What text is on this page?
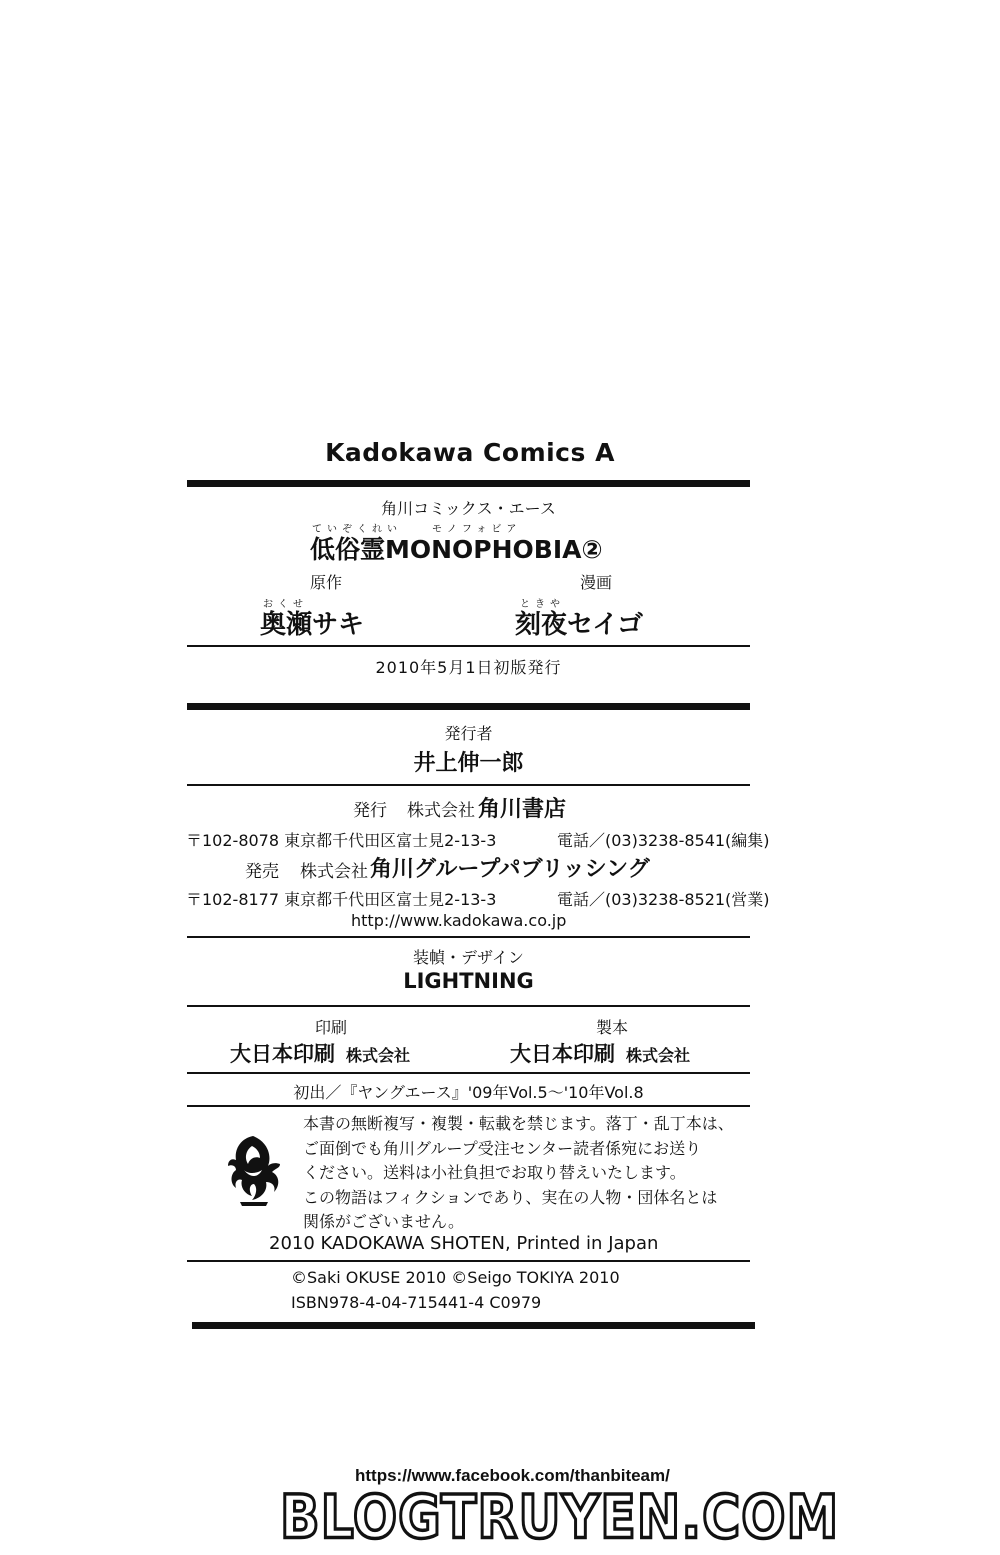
Kadokawa Comics A
角川コミックス・エース
ていぞくれい	モノフォビア
低俗霊MONOPHOBIA②
原作
おくせ
奥瀬サキ
漫画
ときや
刻夜セイゴ
2010年5月1日初版発行
発行者
井上伸一郎
発行 株式会社 角川書店
〒102-8078 東京都千代田区富士見2-13-3	電話／(03)3238-8541(編集)
発売 株式会社 角川グループパブリッシング
〒102-8177 東京都千代田区富士見2-13-3	電話／(03)3238-8521(営業)
http://www.kadokawa.co.jp
装幀・デザイン
LIGHTNING
印刷
大日本印刷 株式会社
製本
大日本印刷 株式会社
初出／『ヤングエース』'09年Vol.5〜'10年Vol.8
本書の無断複写・複製・転載を禁じます。落丁・乱丁本は、
ご面倒でも角川グループ受注センター読者係宛にお送り
ください。送料は小社負担でお取り替えいたします。
この物語はフィクションであり、実在の人物・団体名とは
関係がございません。
2010 KADOKAWA SHOTEN, Printed in Japan
©Saki OKUSE 2010 ©Seigo TOKIYA 2010
ISBN978-4-04-715441-4 C0979
https://www.facebook.com/thanbiteam/
BLOGTRUYEN.COM
